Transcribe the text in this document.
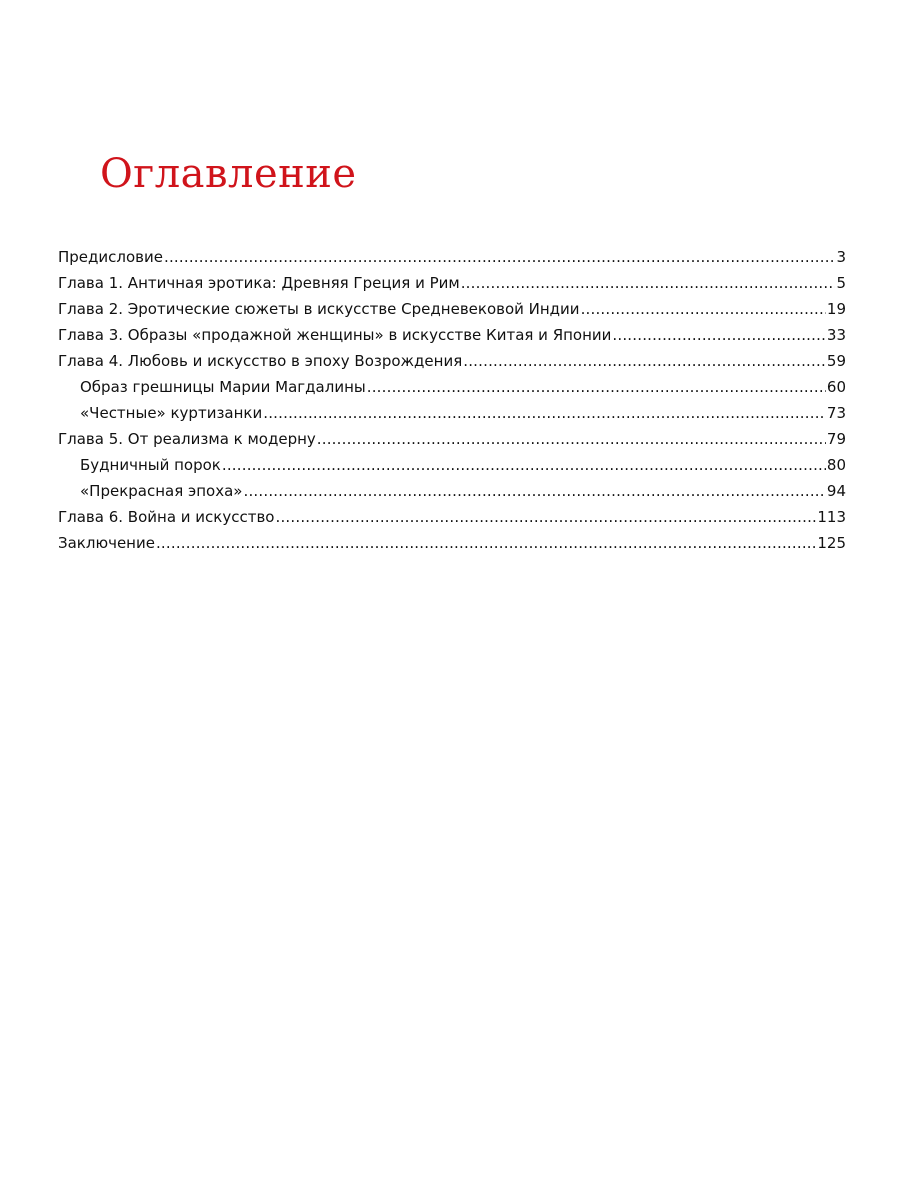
Оглавление
Предисловие .....	3
Глава 1. Античная эротика: Древняя Греция и Рим .....	5
Глава 2. Эротические сюжеты в искусстве Средневековой Индии .....	19
Глава 3. Образы «продажной женщины» в искусстве Китая и Японии .....	33
Глава 4. Любовь и искусство в эпоху Возрождения .....	59
Образ грешницы Марии Магдалины .....	60
«Честные» куртизанки .....	73
Глава 5. От реализма к модерну .....	79
Будничный порок .....	80
«Прекрасная эпоха» .....	94
Глава 6. Война и искусство .....	113
Заключение .....	125
